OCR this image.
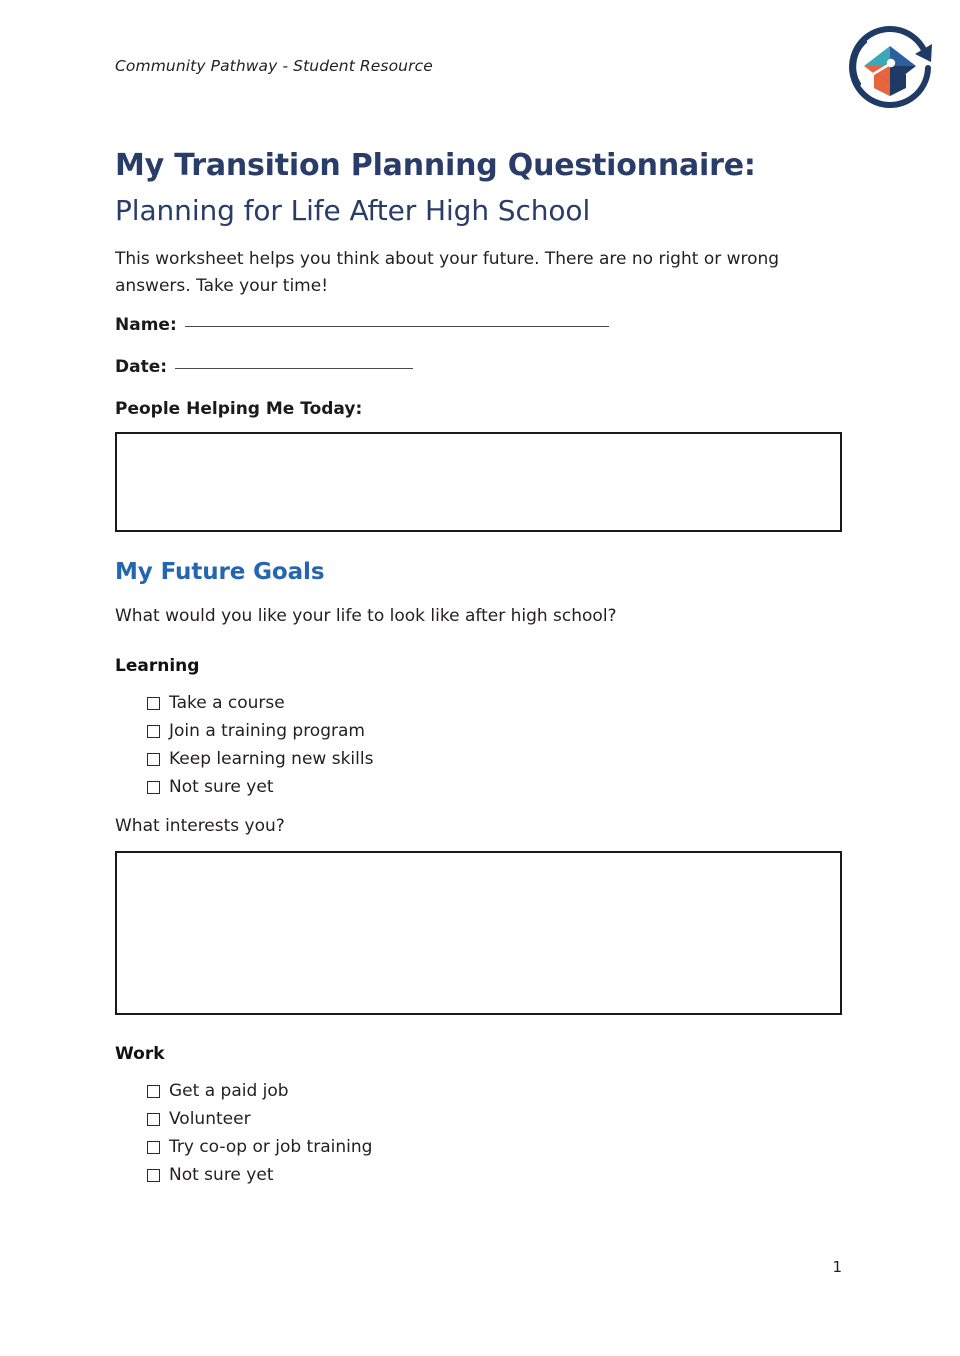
Community Pathway - Student Resource
My Transition Planning Questionnaire:
Planning for Life After High School
This worksheet helps you think about your future. There are no right or wrong answers. Take your time!
Name:
Date:
People Helping Me Today:
My Future Goals
What would you like your life to look like after high school?
Learning
Take a course
Join a training program
Keep learning new skills
Not sure yet
What interests you?
Work
Get a paid job
Volunteer
Try co-op or job training
Not sure yet
1
